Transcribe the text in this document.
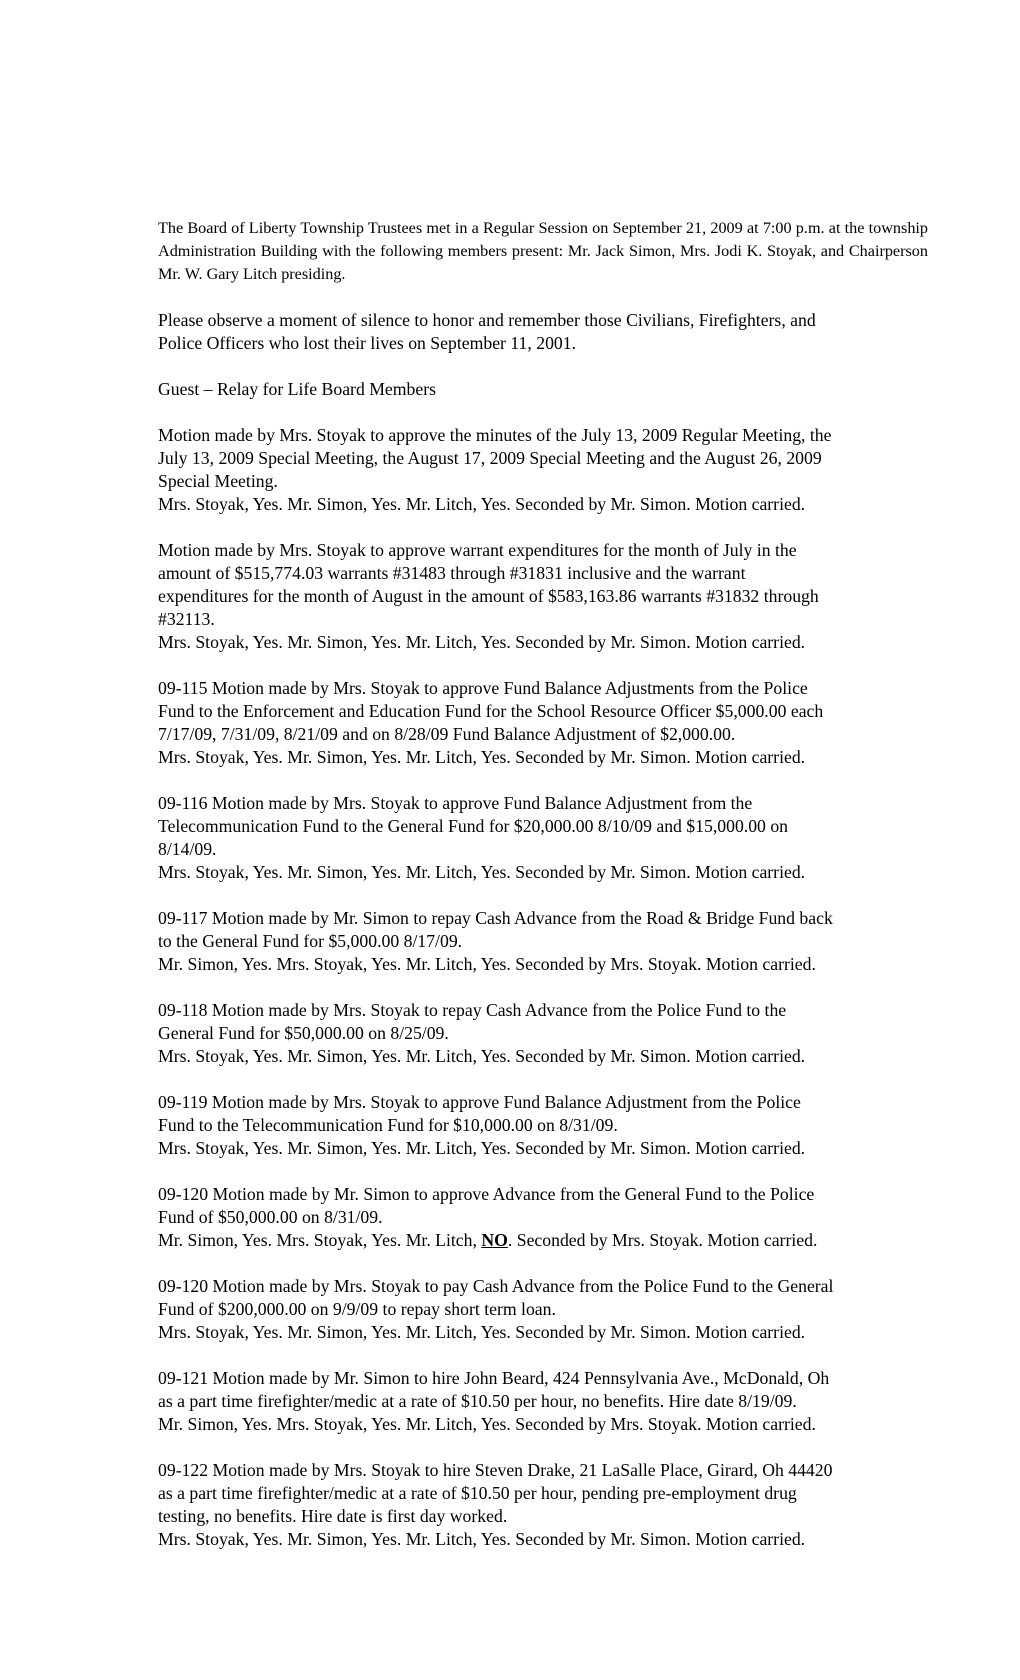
The Board of Liberty Township Trustees met in a Regular Session on September 21, 2009 at 7:00 p.m. at the township Administration Building with the following members present: Mr. Jack Simon, Mrs. Jodi K. Stoyak, and Chairperson Mr. W. Gary Litch presiding.

Please observe a moment of silence to honor and remember those Civilians, Firefighters, and
Police Officers who lost their lives on September 11, 2001.
Guest – Relay for Life Board Members
Motion made by Mrs. Stoyak to approve the minutes of the July 13, 2009 Regular Meeting, the
July 13, 2009 Special Meeting, the August 17, 2009 Special Meeting and the August 26, 2009
Special Meeting.
Mrs. Stoyak, Yes. Mr. Simon, Yes. Mr. Litch, Yes. Seconded by Mr. Simon. Motion carried.
Motion made by Mrs. Stoyak to approve warrant expenditures for the month of July in the
amount of $515,774.03 warrants #31483 through #31831 inclusive and the warrant
expenditures for the month of August in the amount of $583,163.86 warrants #31832 through
#32113.
Mrs. Stoyak, Yes. Mr. Simon, Yes. Mr. Litch, Yes. Seconded by Mr. Simon. Motion carried.
09-115 Motion made by Mrs. Stoyak to approve Fund Balance Adjustments from the Police
Fund to the Enforcement and Education Fund for the School Resource Officer $5,000.00 each
7/17/09, 7/31/09, 8/21/09 and on 8/28/09 Fund Balance Adjustment of $2,000.00.
Mrs. Stoyak, Yes. Mr. Simon, Yes. Mr. Litch, Yes. Seconded by Mr. Simon. Motion carried.
09-116 Motion made by Mrs. Stoyak to approve Fund Balance Adjustment from the
Telecommunication Fund to the General Fund for $20,000.00 8/10/09 and $15,000.00 on
8/14/09.
Mrs. Stoyak, Yes. Mr. Simon, Yes. Mr. Litch, Yes. Seconded by Mr. Simon. Motion carried.
09-117 Motion made by Mr. Simon to repay Cash Advance from the Road & Bridge Fund back
to the General Fund for $5,000.00 8/17/09.
Mr. Simon, Yes. Mrs. Stoyak, Yes. Mr. Litch, Yes. Seconded by Mrs. Stoyak. Motion carried.
09-118 Motion made by Mrs. Stoyak to repay Cash Advance from the Police Fund to the
General Fund for $50,000.00 on 8/25/09.
Mrs. Stoyak, Yes. Mr. Simon, Yes. Mr. Litch, Yes. Seconded by Mr. Simon. Motion carried.
09-119 Motion made by Mrs. Stoyak to approve Fund Balance Adjustment from the Police
Fund to the Telecommunication Fund for $10,000.00 on 8/31/09.
Mrs. Stoyak, Yes. Mr. Simon, Yes. Mr. Litch, Yes. Seconded by Mr. Simon. Motion carried.
09-120 Motion made by Mr. Simon to approve Advance from the General Fund to the Police
Fund of $50,000.00 on 8/31/09.
Mr. Simon, Yes. Mrs. Stoyak, Yes. Mr. Litch, NO. Seconded by Mrs. Stoyak. Motion carried.
09-120 Motion made by Mrs. Stoyak to pay Cash Advance from the Police Fund to the General
Fund of $200,000.00 on 9/9/09 to repay short term loan.
Mrs. Stoyak, Yes. Mr. Simon, Yes. Mr. Litch, Yes. Seconded by Mr. Simon. Motion carried.
09-121 Motion made by Mr. Simon to hire John Beard, 424 Pennsylvania Ave., McDonald, Oh
as a part time firefighter/medic at a rate of $10.50 per hour, no benefits. Hire date 8/19/09.
Mr. Simon, Yes. Mrs. Stoyak, Yes. Mr. Litch, Yes. Seconded by Mrs. Stoyak. Motion carried.
09-122 Motion made by Mrs. Stoyak to hire Steven Drake, 21 LaSalle Place, Girard, Oh 44420
as a part time firefighter/medic at a rate of $10.50 per hour, pending pre-employment drug
testing, no benefits. Hire date is first day worked.
Mrs. Stoyak, Yes. Mr. Simon, Yes. Mr. Litch, Yes. Seconded by Mr. Simon. Motion carried.
